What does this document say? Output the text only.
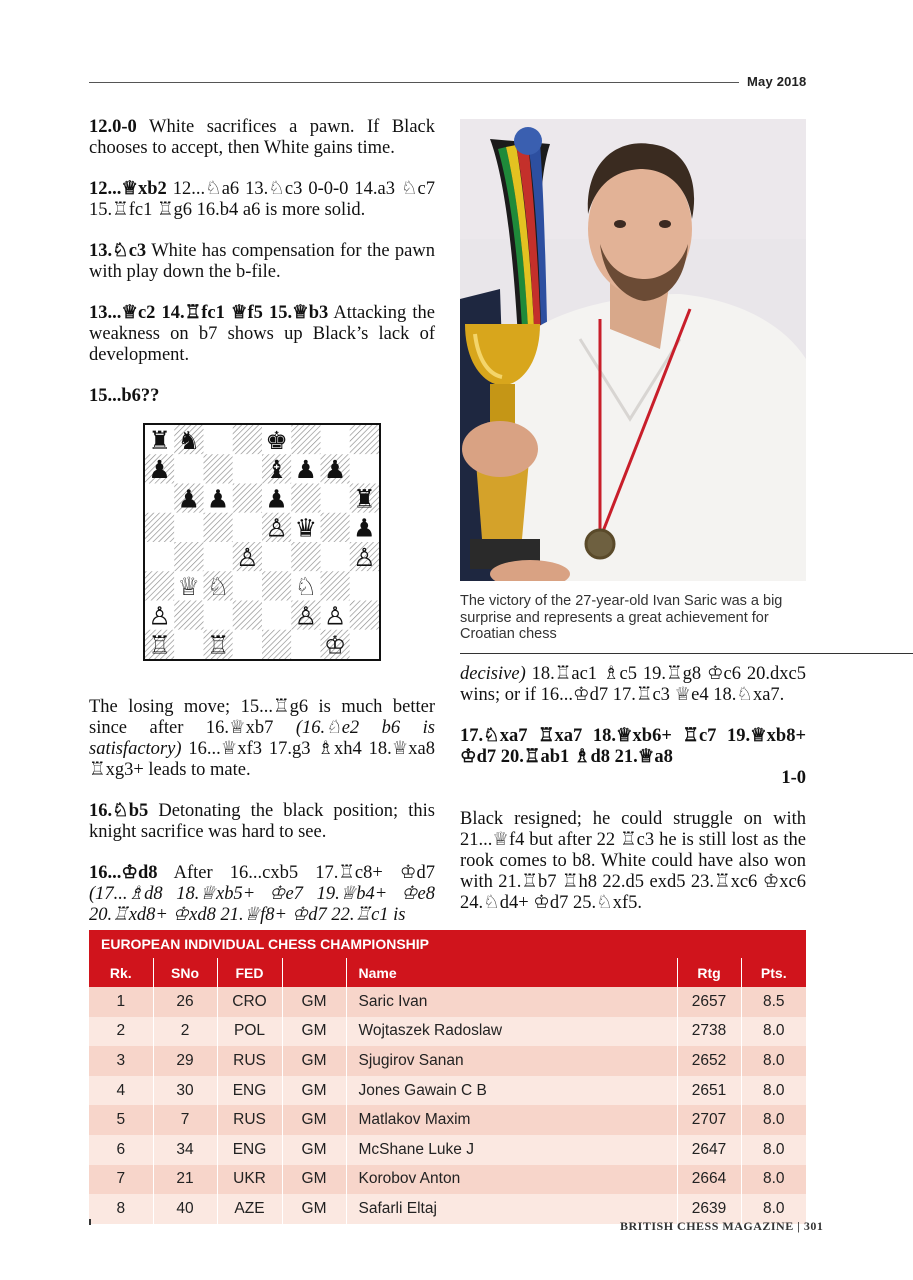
May 2018

12.0-0 White sacrifices a pawn. If Black chooses to accept, then White gains time.

12...♕xb2 12...♘a6 13.♘c3 0-0-0 14.a3 ♘c7 15.♖fc1 ♖g6 16.b4 a6 is more solid.

13.♘c3 White has compensation for the pawn with play down the b-file.

13...♕c2 14.♖fc1 ♕f5 15.♕b3 Attacking the weakness on b7 shows up Black’s lack of development.

15...b6??

The losing move; 15...♖g6 is much better since after 16.♕xb7 (16.♘e2 b6 is satisfactory) 16...♕xf3 17.g3 ♗xh4 18.♕xa8 ♖xg3+ leads to mate.

16.♘b5 Detonating the black position; this knight sacrifice was hard to see.

16...♔d8 After 16...cxb5 17.♖c8+ ♔d7 (17...♗d8 18.♕xb5+ ♔e7 19.♕b4+ ♔e8 20.♖xd8+ ♔xd8 21.♕f8+ ♔d7 22.♖c1 is

♜ ♞	♚
♟	♝ ♟ ♟
♟ ♟ ♟	♜
♙ ♛ ♟
♙	♙
♕ ♘	♘
♙	♙ ♙
♖ ♖	♔
The victory of the 27-year-old Ivan Saric was a big surprise and represents a great achievement for Croatian chess

decisive) 18.♖ac1 ♗c5 19.♖g8 ♔c6 20.dxc5 wins; or if 16...♔d7 17.♖c3 ♕e4 18.♘xa7.

17.♘xa7 ♖xa7 18.♕xb6+ ♖c7 19.♕xb8+ ♔d7 20.♖ab1 ♗d8 21.♕a8

1-0

Black resigned; he could struggle on with 21...♕f4 but after 22 ♖c3 he is still lost as the rook comes to b8. White could have also won with 21.♖b7 ♖h8 22.d5 exd5 23.♖xc6 ♔xc6 24.♘d4+ ♔d7 25.♘xf5.

EUROPEAN INDIVIDUAL CHESS CHAMPIONSHIP
Rk.	SNo	FED		Name	Rtg	Pts.
1	26	CRO	GM	Saric Ivan	2657	8.5
2	2	POL	GM	Wojtaszek Radoslaw	2738	8.0
3	29	RUS	GM	Sjugirov Sanan	2652	8.0
4	30	ENG	GM	Jones Gawain C B	2651	8.0
5	7	RUS	GM	Matlakov Maxim	2707	8.0
6	34	ENG	GM	McShane Luke J	2647	8.0
7	21	UKR	GM	Korobov Anton	2664	8.0
8	40	AZE	GM	Safarli Eltaj	2639	8.0
BRITISH CHESS MAGAZINE | 301
